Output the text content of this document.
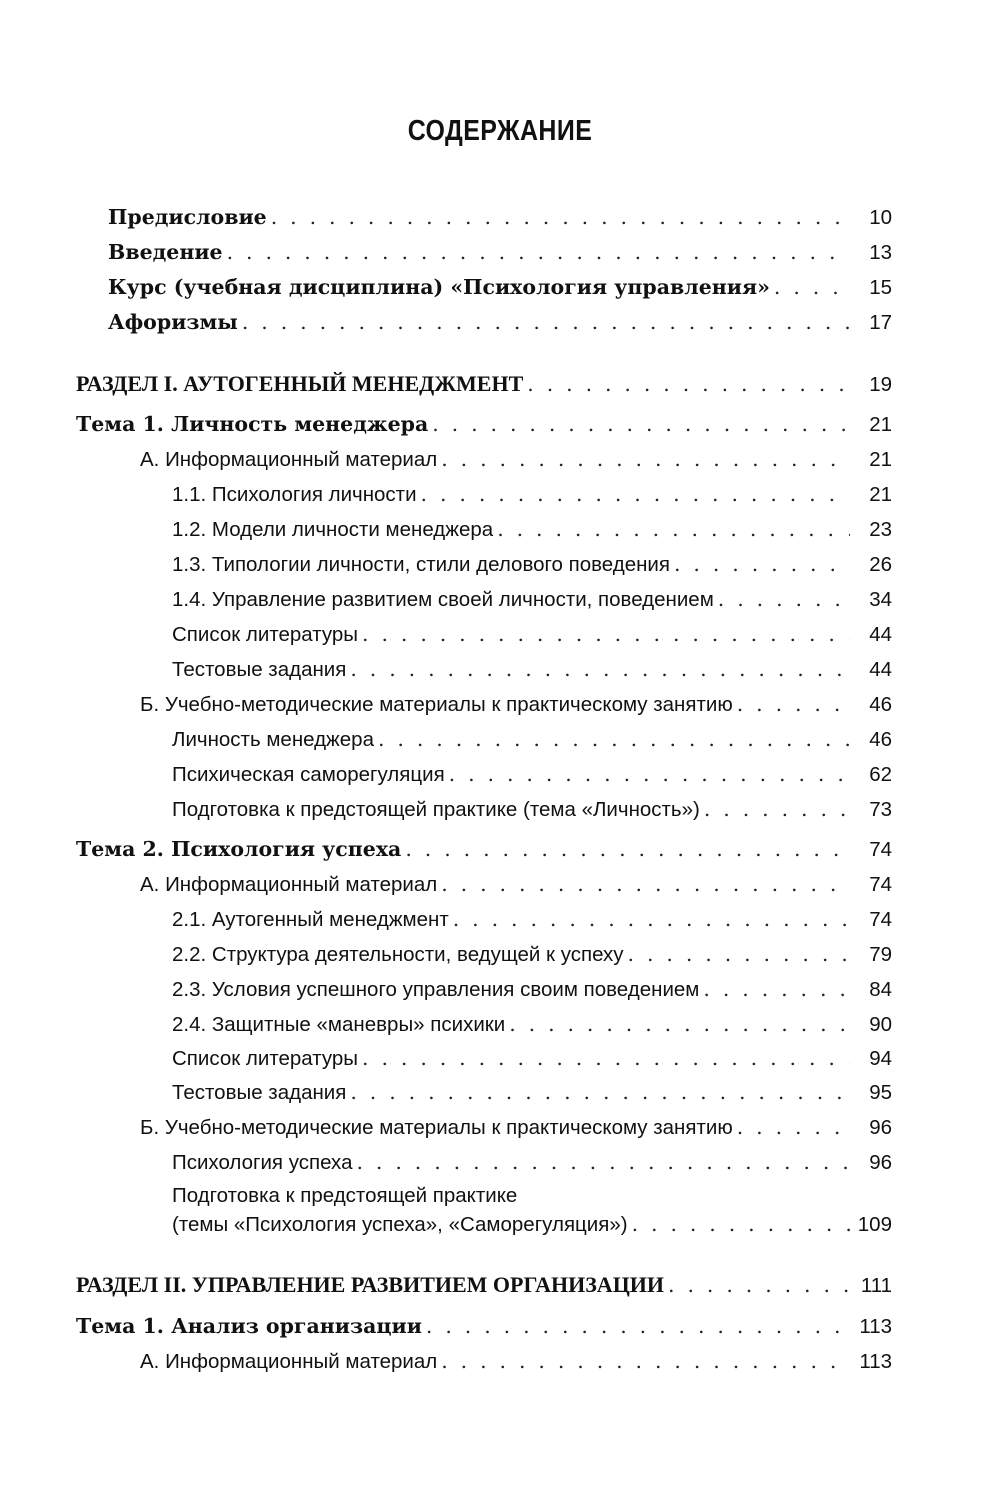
СОДЕРЖАНИЕ
Предисловие . . .	10
Введение . . .	13
Курс (учебная дисциплина) «Психология управления» . . .	15
Афоризмы . . .	17
РАЗДЕЛ I. АУТОГЕННЫЙ МЕНЕДЖМЕНТ . . .	19
Тема 1. Личность менеджера . . .	21
А. Информационный материал . . .	21
1.1. Психология личности . . .	21
1.2. Модели личности менеджера . . .	23
1.3. Типологии личности, стили делового поведения . . .	26
1.4. Управление развитием своей личности, поведением . . .	34
Список литературы . . .	44
Тестовые задания . . .	44
Б. Учебно-методические материалы к практическому занятию . . .	46
Личность менеджера . . .	46
Психическая саморегуляция . . .	62
Подготовка к предстоящей практике (тема «Личность») . . .	73
Тема 2. Психология успеха . . .	74
А. Информационный материал . . .	74
2.1. Аутогенный менеджмент . . .	74
2.2. Структура деятельности, ведущей к успеху . . .	79
2.3. Условия успешного управления своим поведением . . .	84
2.4. Защитные «маневры» психики . . .	90
Список литературы . . .	94
Тестовые задания . . .	95
Б. Учебно-методические материалы к практическому занятию . . .	96
Психология успеха . . .	96
Подготовка к предстоящей практике
(темы «Психология успеха», «Саморегуляция») . . .	109
РАЗДЕЛ II. УПРАВЛЕНИЕ РАЗВИТИЕМ ОРГАНИЗАЦИИ . . .	111
Тема 1. Анализ организации . . .	113
А. Информационный материал . . .	113
